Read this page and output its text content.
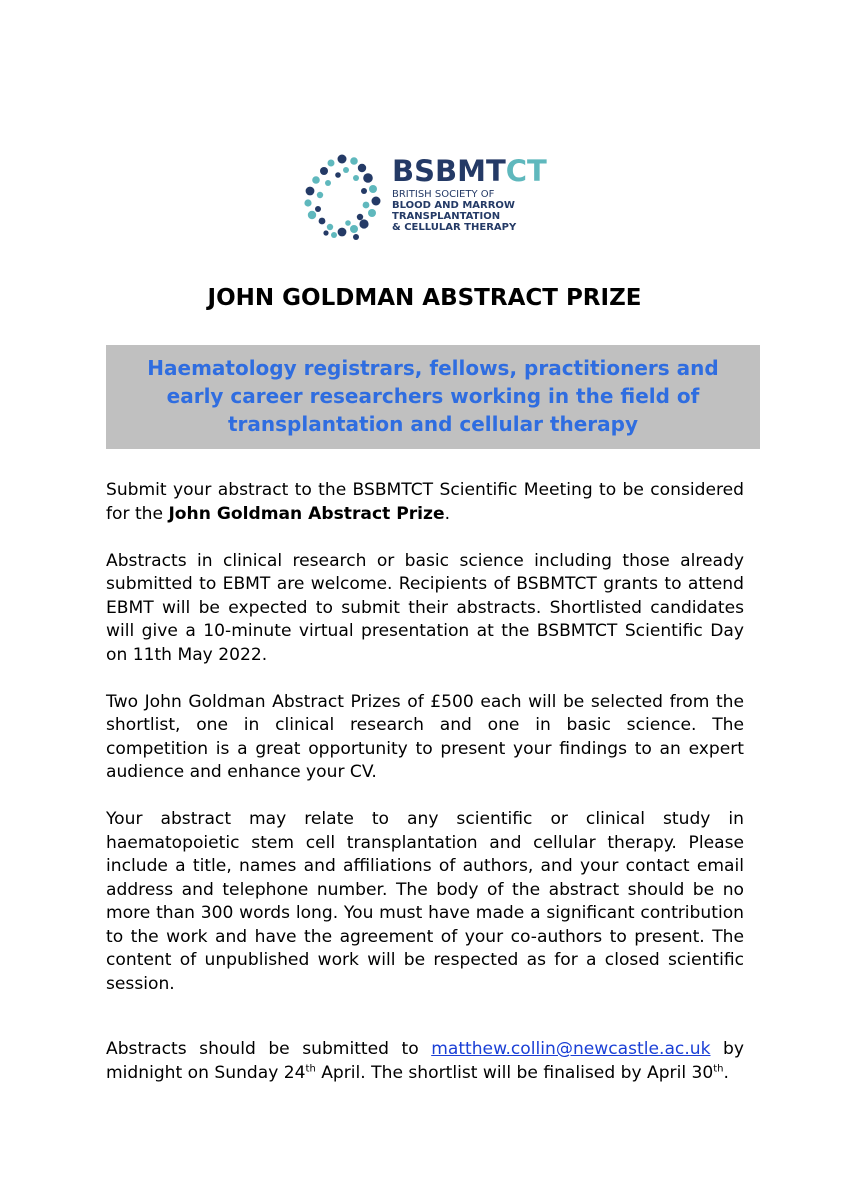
BSBMTCT
BRITISH SOCIETY OF
BLOOD AND MARROW
TRANSPLANTATION
& CELLULAR THERAPY
JOHN GOLDMAN ABSTRACT PRIZE
Haematology registrars, fellows, practitioners and
early career researchers working in the field of
transplantation and cellular therapy

Submit your abstract to the BSBMTCT Scientific Meeting to be considered for the John Goldman Abstract Prize.

Abstracts in clinical research or basic science including those already submitted to EBMT are welcome. Recipients of BSBMTCT grants to attend EBMT will be expected to submit their abstracts. Shortlisted candidates will give a 10-minute virtual presentation at the BSBMTCT Scientific Day on 11th May 2022.

Two John Goldman Abstract Prizes of £500 each will be selected from the shortlist, one in clinical research and one in basic science. The competition is a great opportunity to present your findings to an expert audience and enhance your CV.

Your abstract may relate to any scientific or clinical study in haematopoietic stem cell transplantation and cellular therapy. Please include a title, names and affiliations of authors, and your contact email address and telephone number. The body of the abstract should be no more than 300 words long. You must have made a significant contribution to the work and have the agreement of your co-authors to present. The content of unpublished work will be respected as for a closed scientific session.

Abstracts should be submitted to matthew.collin@newcastle.ac.uk by midnight on Sunday 24th April. The shortlist will be finalised by April 30th.
